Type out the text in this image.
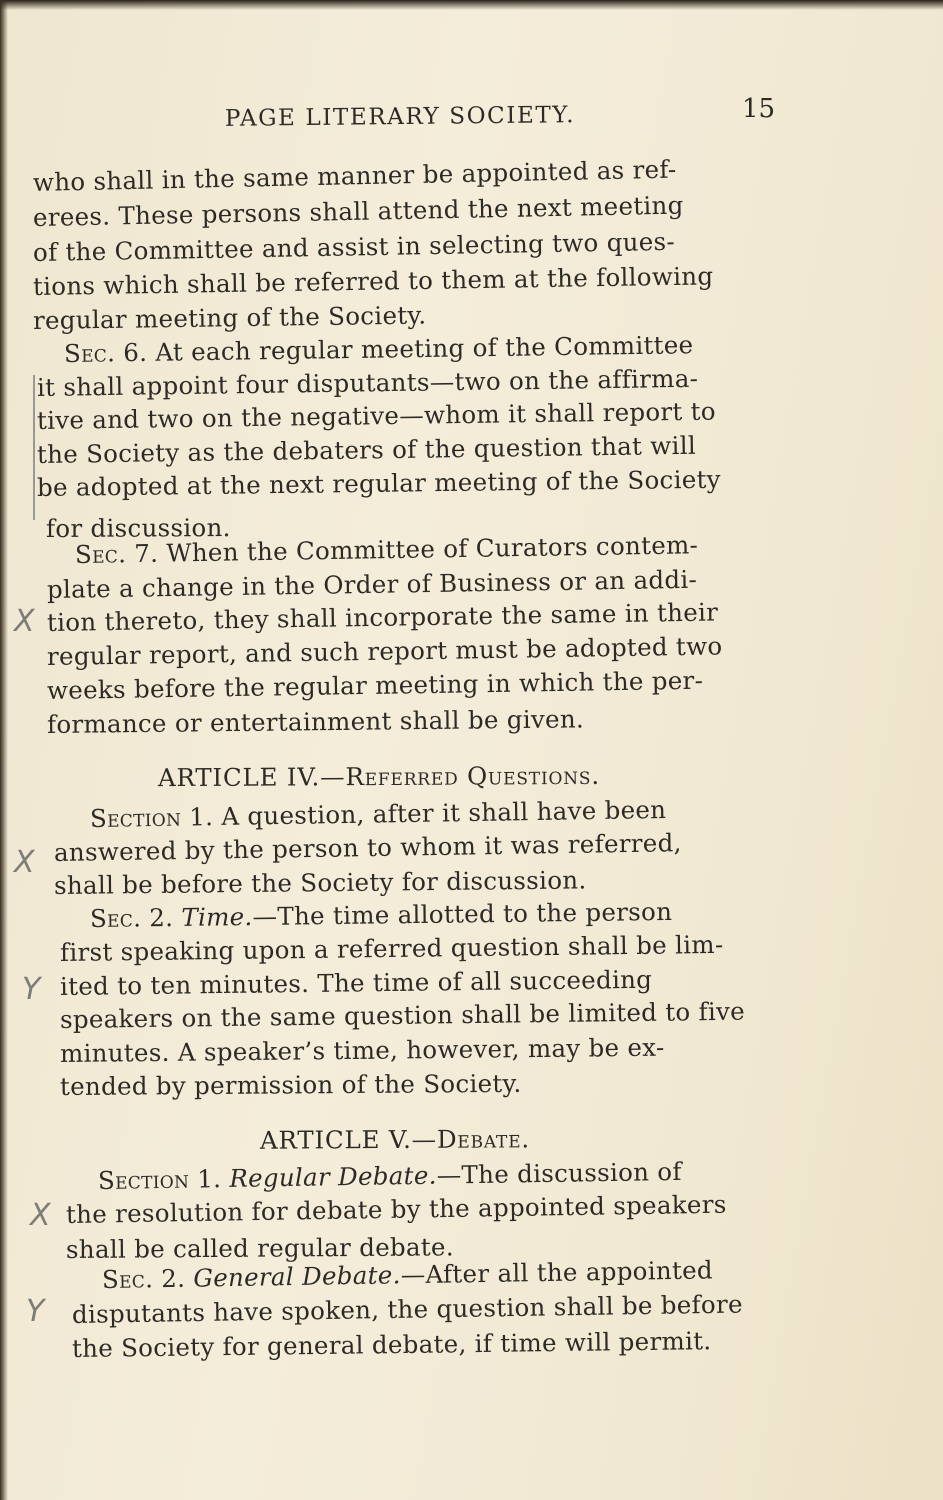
PAGE LITERARY SOCIETY.	15
who shall in the same manner be appointed as ref-
erees. These persons shall attend the next meeting
of the Committee and assist in selecting two ques-
tions which shall be referred to them at the following
regular meeting of the Society.
Sec. 6. At each regular meeting of the Committee
it shall appoint four disputants—two on the affirma-
tive and two on the negative—whom it shall report to
the Society as the debaters of the question that will
be adopted at the next regular meeting of the Society
for discussion.
Sec. 7. When the Committee of Curators contem-
plate a change in the Order of Business or an addi-
tion thereto, they shall incorporate the same in their
regular report, and such report must be adopted two
weeks before the regular meeting in which the per-
formance or entertainment shall be given.
ARTICLE IV.—Referred Questions.
Section 1. A question, after it shall have been
answered by the person to whom it was referred,
shall be before the Society for discussion.
Sec. 2. Time.—The time allotted to the person
first speaking upon a referred question shall be lim-
ited to ten minutes. The time of all succeeding
speakers on the same question shall be limited to five
minutes. A speaker’s time, however, may be ex-
tended by permission of the Society.
ARTICLE V.—Debate.
Section 1. Regular Debate.—The discussion of
the resolution for debate by the appointed speakers
shall be called regular debate.
Sec. 2. General Debate.—After all the appointed
disputants have spoken, the question shall be before
the Society for general debate, if time will permit.
X
X
Y
X
Y
